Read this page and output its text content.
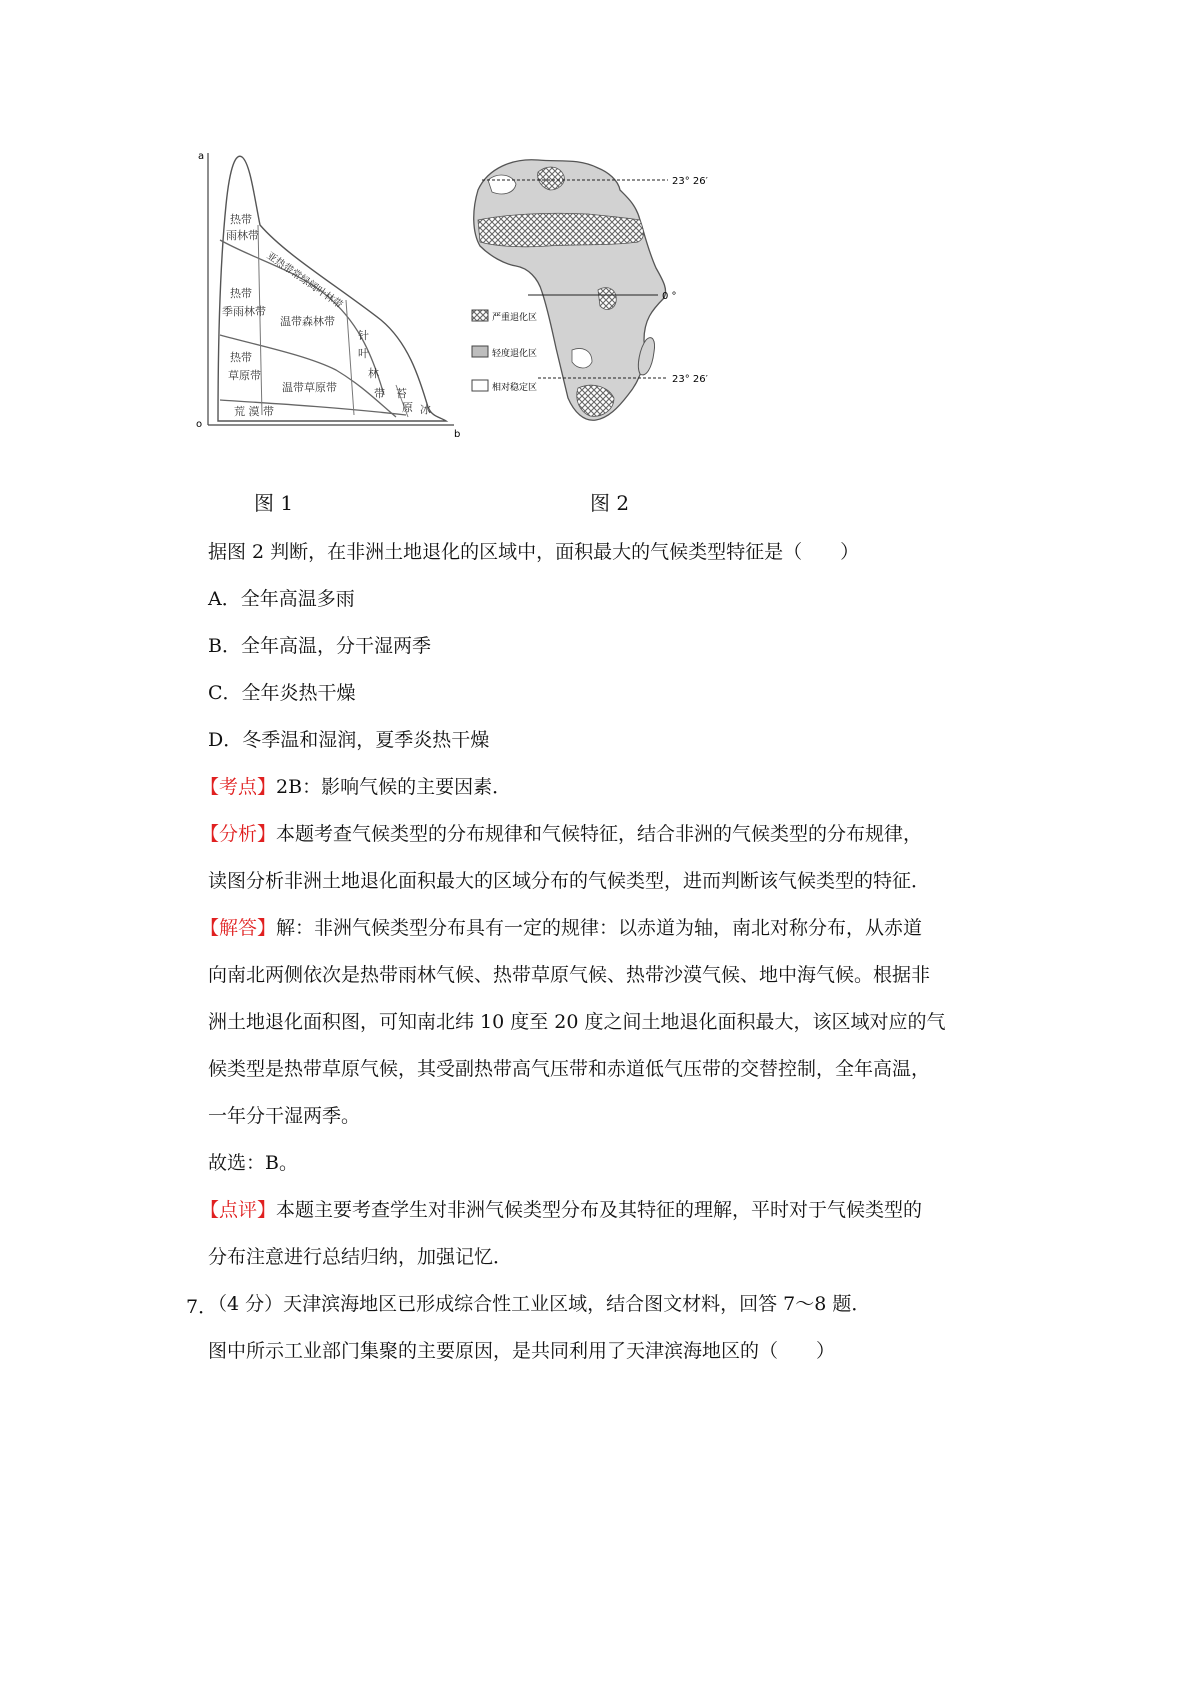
a
o
b
热带
雨林带
热带
季雨林带
热带
草原带
荒 漠 带
亚热带常绿阔叶林带
温带森林带
温带草原带
针
叶
林
带 苔
原 冰
23° 26′
0 °
23° 26′
严重退化区
轻度退化区
相对稳定区
图 1	图 2
据图 2 判断，在非洲土地退化的区域中，面积最大的气候类型特征是（　　）
A．全年高温多雨
B．全年高温，分干湿两季
C．全年炎热干燥
D．冬季温和湿润，夏季炎热干燥
【考点】2B：影响气候的主要因素．
【分析】本题考查气候类型的分布规律和气候特征，结合非洲的气候类型的分布规律，
读图分析非洲土地退化面积最大的区域分布的气候类型，进而判断该气候类型的特征．
【解答】解：非洲气候类型分布具有一定的规律：以赤道为轴，南北对称分布，从赤道
向南北两侧依次是热带雨林气候、热带草原气候、热带沙漠气候、地中海气候。根据非
洲土地退化面积图，可知南北纬 10 度至 20 度之间土地退化面积最大，该区域对应的气
候类型是热带草原气候，其受副热带高气压带和赤道低气压带的交替控制，全年高温，
一年分干湿两季。
故选：B。
【点评】本题主要考查学生对非洲气候类型分布及其特征的理解，平时对于气候类型的
分布注意进行总结归纳，加强记忆．
7．
（4 分）天津滨海地区已形成综合性工业区域，结合图文材料，回答 7～8 题．
图中所示工业部门集聚的主要原因，是共同利用了天津滨海地区的（　　）
